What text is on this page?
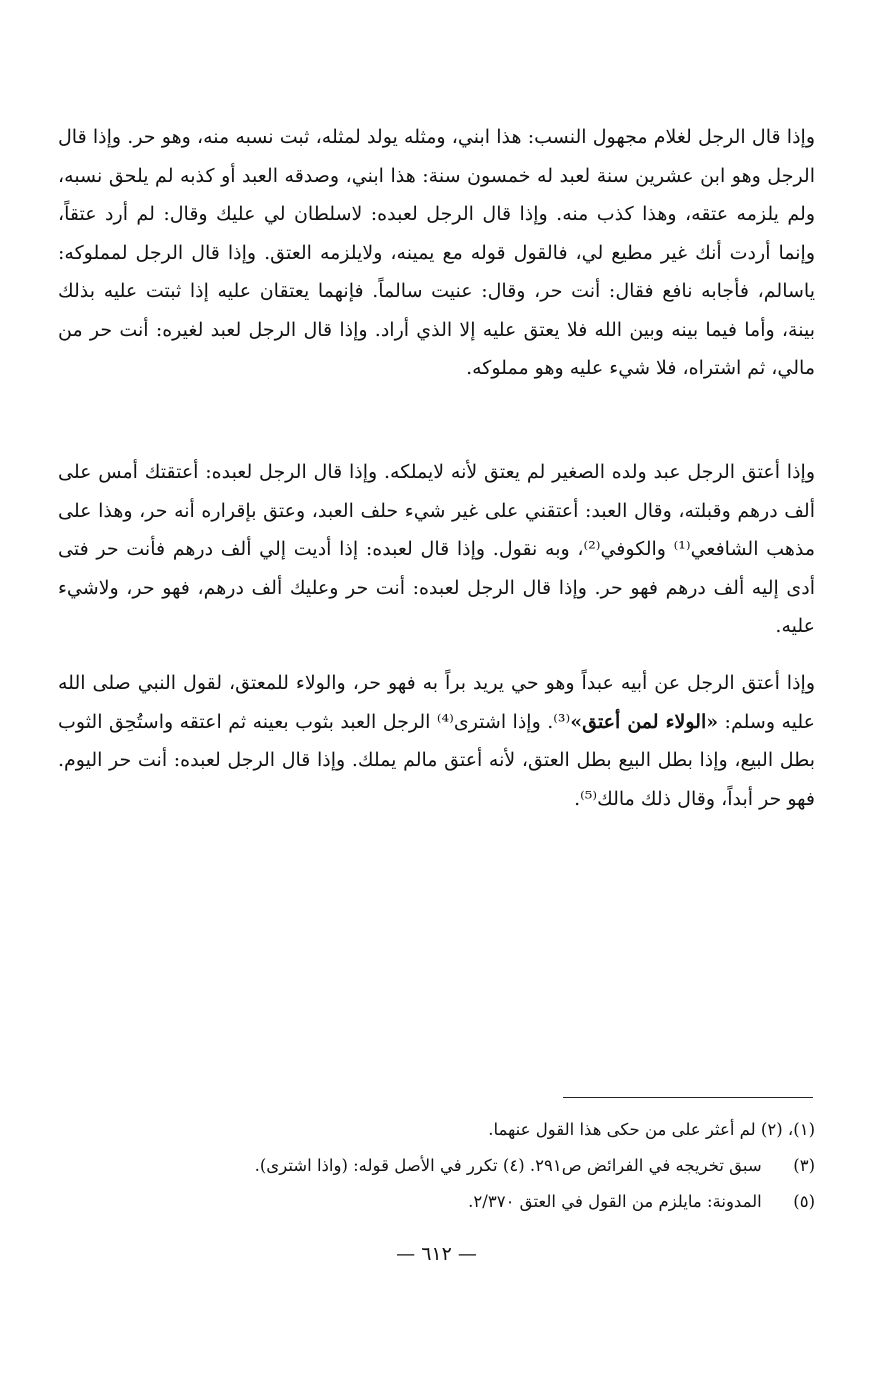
وإذا قال الرجل لغلام مجهول النسب: هذا ابني، ومثله يولد لمثله، ثبت نسبه منه، وهو حر. وإذا قال الرجل وهو ابن عشرين سنة لعبد له خمسون سنة: هذا ابني، وصدقه العبد أو كذبه لم يلحق نسبه، ولم يلزمه عتقه، وهذا كذب منه. وإذا قال الرجل لعبده: لاسلطان لي عليك وقال: لم أرد عتقاً، وإنما أردت أنك غير مطيع لي، فالقول قوله مع يمينه، ولايلزمه العتق. وإذا قال الرجل لمملوكه: ياسالم، فأجابه نافع فقال: أنت حر، وقال: عنيت سالماً. فإنهما يعتقان عليه إذا ثبتت عليه بذلك بينة، وأما فيما بينه وبين الله فلا يعتق عليه إلا الذي أراد. وإذا قال الرجل لعبد لغيره: أنت حر من مالي، ثم اشتراه، فلا شيء عليه وهو مملوكه.

وإذا أعتق الرجل عبد ولده الصغير لم يعتق لأنه لايملكه. وإذا قال الرجل لعبده: أعتقتك أمس على ألف درهم وقبلته، وقال العبد: أعتقني على غير شيء حلف العبد، وعتق بإقراره أنه حر، وهذا على مذهب الشافعي⁽¹⁾ والكوفي⁽²⁾، وبه نقول. وإذا قال لعبده: إذا أديت إلي ألف درهم فأنت حر فتى أدى إليه ألف درهم فهو حر. وإذا قال الرجل لعبده: أنت حر وعليك ألف درهم، فهو حر، ولاشيء عليه.

وإذا أعتق الرجل عن أبيه عبداً وهو حي يريد براً به فهو حر، والولاء للمعتق، لقول النبي صلى الله عليه وسلم: «الولاء لمن أعتق»⁽³⁾. وإذا اشترى⁽⁴⁾ الرجل العبد بثوب بعينه ثم اعتقه واستُحِق الثوب بطل البيع، وإذا بطل البيع بطل العتق، لأنه أعتق مالم يملك. وإذا قال الرجل لعبده: أنت حر اليوم. فهو حر أبداً، وقال ذلك مالك⁽⁵⁾.

(١)، (٢) لم أعثر على من حكى هذا القول عنهما.
(٣) سبق تخريجه في الفرائض ص٢٩١. (٤) تكرر في الأصل قوله: (واذا اشترى).
(٥) المدونة: مايلزم من القول في العتق ٢/٣٧٠.
— ٦١٢ —
